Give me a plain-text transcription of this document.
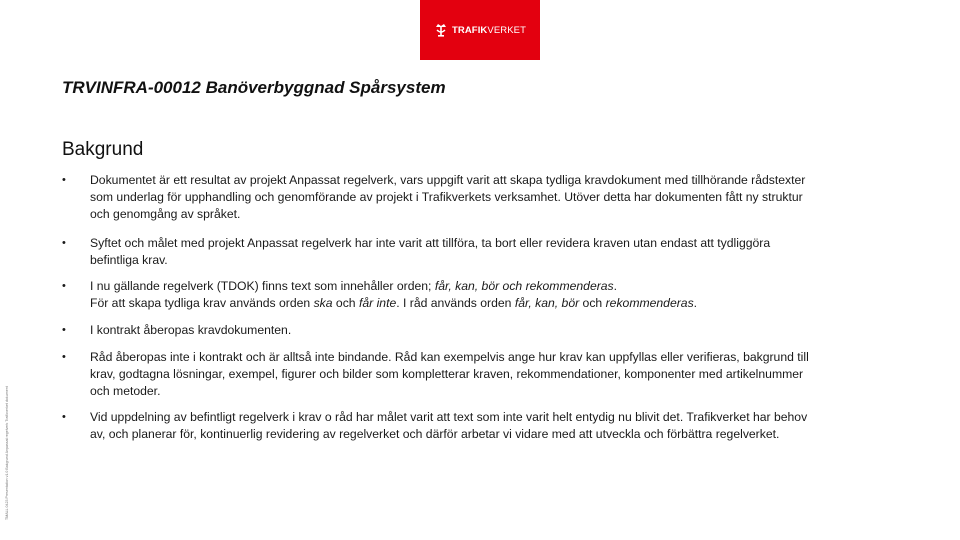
TRAFIKVERKET
TRVINFRA-00012 Banöverbyggnad Spårsystem
TMALL 0423 Presentation v1.0 Bakgrund Anpassat regelverk Trafikverket dokument
Bakgrund
• Dokumentet är ett resultat av projekt Anpassat regelverk, vars uppgift varit att skapa tydliga kravdokument med tillhörande rådstexter som underlag för upphandling och genomförande av projekt i Trafikverkets verksamhet. Utöver detta har dokumenten fått ny struktur och genomgång av språket.

• Syftet och målet med projekt Anpassat regelverk har inte varit att tillföra, ta bort eller revidera kraven utan endast att tydliggöra befintliga krav.

• I nu gällande regelverk (TDOK) finns text som innehåller orden; får, kan, bör och rekommenderas.

För att skapa tydliga krav används orden ska och får inte. I råd används orden får, kan, bör och rekommenderas.

• I kontrakt åberopas kravdokumenten.

• Råd åberopas inte i kontrakt och är alltså inte bindande. Råd kan exempelvis ange hur krav kan uppfyllas eller verifieras, bakgrund till krav, godtagna lösningar, exempel, figurer och bilder som kompletterar kraven, rekommendationer, komponenter med artikelnummer och metoder.

• Vid uppdelning av befintligt regelverk i krav o råd har målet varit att text som inte varit helt entydig nu blivit det. Trafikverket har behov av, och planerar för, kontinuerlig revidering av regelverket och därför arbetar vi vidare med att utveckla och förbättra regelverket.
